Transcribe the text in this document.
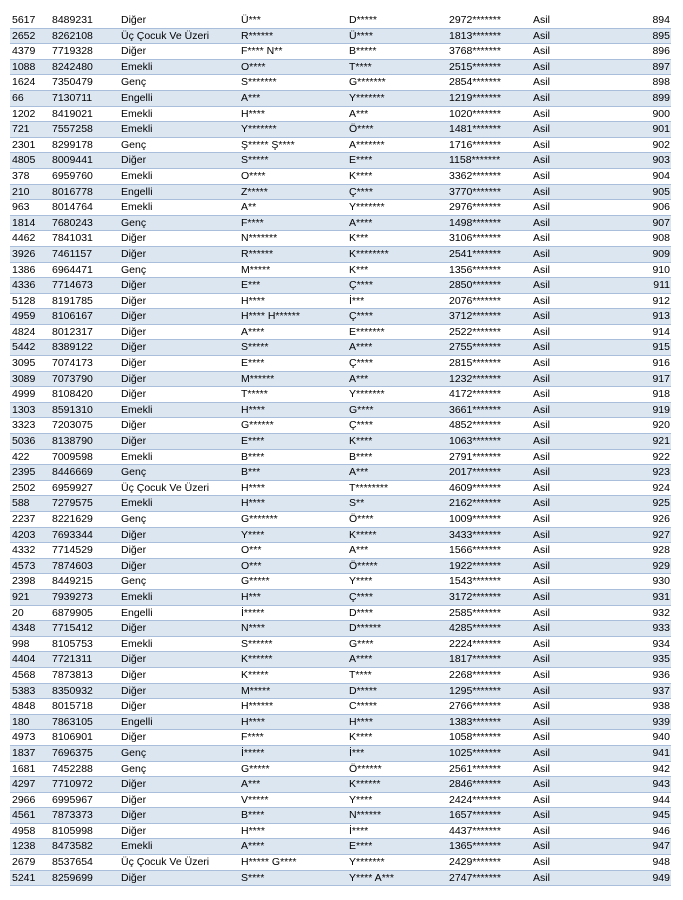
5617	8489231	Diğer	Ü***	D*****	2972*******	Asil	894
2652	8262108	Üç Çocuk Ve Üzeri	R******	Ü****	1813*******	Asil	895
4379	7719328	Diğer	F**** N**	B*****	3768*******	Asil	896
1088	8242480	Emekli	O****	T****	2515*******	Asil	897
1624	7350479	Genç	S*******	G*******	2854*******	Asil	898
66	7130711	Engelli	A***	Y*******	1219*******	Asil	899
1202	8419021	Emekli	H****	A***	1020*******	Asil	900
721	7557258	Emekli	Y*******	Ö****	1481*******	Asil	901
2301	8299178	Genç	Ş***** Ş****	A*******	1716*******	Asil	902
4805	8009441	Diğer	S*****	E****	1158*******	Asil	903
378	6959760	Emekli	O****	K****	3362*******	Asil	904
210	8016778	Engelli	Z*****	Ç****	3770*******	Asil	905
963	8014764	Emekli	A**	Y*******	2976*******	Asil	906
1814	7680243	Genç	F****	A****	1498*******	Asil	907
4462	7841031	Diğer	N*******	K***	3106*******	Asil	908
3926	7461157	Diğer	R******	K********	2541*******	Asil	909
1386	6964471	Genç	M*****	K***	1356*******	Asil	910
4336	7714673	Diğer	E***	Ç****	2850*******	Asil	911
5128	8191785	Diğer	H****	İ***	2076*******	Asil	912
4959	8106167	Diğer	H**** H******	Ç****	3712*******	Asil	913
4824	8012317	Diğer	A****	E*******	2522*******	Asil	914
5442	8389122	Diğer	S*****	A****	2755*******	Asil	915
3095	7074173	Diğer	E****	Ç****	2815*******	Asil	916
3089	7073790	Diğer	M******	A***	1232*******	Asil	917
4999	8108420	Diğer	T*****	Y*******	4172*******	Asil	918
1303	8591310	Emekli	H****	G****	3661*******	Asil	919
3323	7203075	Diğer	G******	Ç****	4852*******	Asil	920
5036	8138790	Diğer	E****	K****	1063*******	Asil	921
422	7009598	Emekli	B****	B****	2791*******	Asil	922
2395	8446669	Genç	B***	A***	2017*******	Asil	923
2502	6959927	Üç Çocuk Ve Üzeri	H****	T********	4609*******	Asil	924
588	7279575	Emekli	H****	S**	2162*******	Asil	925
2237	8221629	Genç	G*******	Ö****	1009*******	Asil	926
4203	7693344	Diğer	Y****	K*****	3433*******	Asil	927
4332	7714529	Diğer	O***	A***	1566*******	Asil	928
4573	7874603	Diğer	O***	Ö*****	1922*******	Asil	929
2398	8449215	Genç	G*****	Y****	1543*******	Asil	930
921	7939273	Emekli	H***	Ç****	3172*******	Asil	931
20	6879905	Engelli	İ*****	D****	2585*******	Asil	932
4348	7715412	Diğer	N****	D******	4285*******	Asil	933
998	8105753	Emekli	S******	G****	2224*******	Asil	934
4404	7721311	Diğer	K******	A****	1817*******	Asil	935
4568	7873813	Diğer	K*****	T****	2268*******	Asil	936
5383	8350932	Diğer	M*****	D*****	1295*******	Asil	937
4848	8015718	Diğer	H******	C*****	2766*******	Asil	938
180	7863105	Engelli	H****	H****	1383*******	Asil	939
4973	8106901	Diğer	F****	K****	1058*******	Asil	940
1837	7696375	Genç	İ*****	İ***	1025*******	Asil	941
1681	7452288	Genç	G*****	Ö******	2561*******	Asil	942
4297	7710972	Diğer	A***	K******	2846*******	Asil	943
2966	6995967	Diğer	V*****	Y****	2424*******	Asil	944
4561	7873373	Diğer	B****	N******	1657*******	Asil	945
4958	8105998	Diğer	H****	İ****	4437*******	Asil	946
1238	8473582	Emekli	A****	E****	1365*******	Asil	947
2679	8537654	Üç Çocuk Ve Üzeri	H***** G****	Y*******	2429*******	Asil	948
5241	8259699	Diğer	S****	Y**** A***	2747*******	Asil	949
